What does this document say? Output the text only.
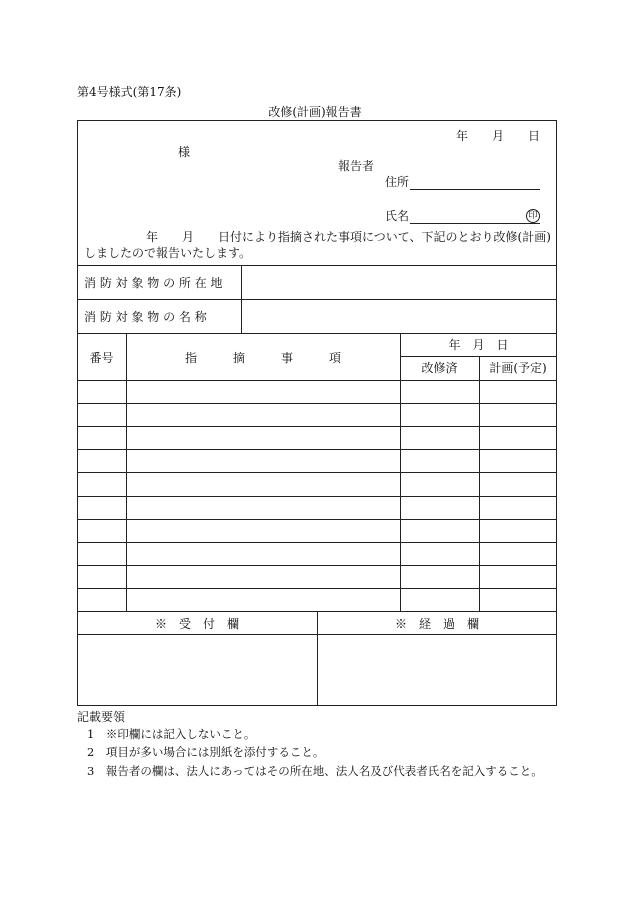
第4号様式(第17条)
改修(計画)報告書
年　　月　　日
様
報告者
住所
氏名	印
年　　月　　日付により指摘された事項について、下記のとおり改修(計画)
しましたので報告いたします。
消 防 対 象 物 の 所 在 地
消 防 対 象 物 の 名 称
番号	指　　　摘　　　事　　　項
年　月　日
改修済	計画(予定)
※　受　付　欄	※　経　過　欄
記載要領
1　※印欄には記入しないこと。
2　項目が多い場合には別紙を添付すること。
3　報告者の欄は、法人にあってはその所在地、法人名及び代表者氏名を記入すること。
